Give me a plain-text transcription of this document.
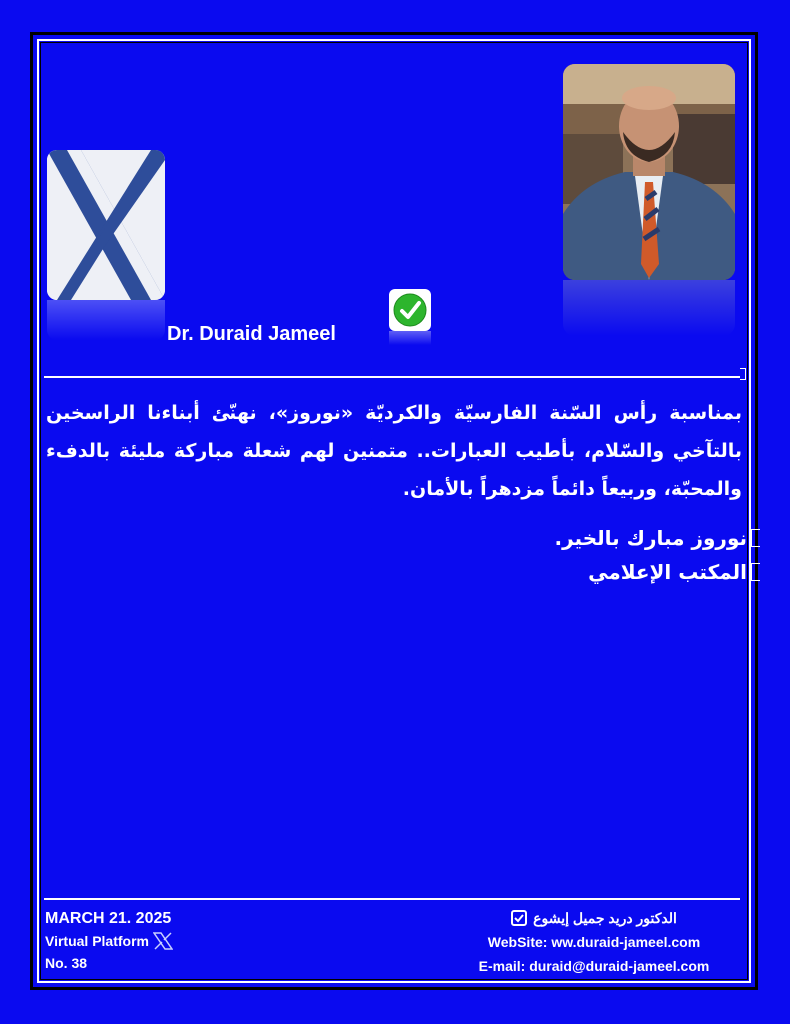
Dr. Duraid Jameel
بمناسبة رأس السّنة الفارسيّة والكرديّة «نوروز»، نهنّئ أبناءنا الراسخين بالتآخي والسّلام، بأطيب العبارات.. متمنين لهم شعلة مباركة مليئة بالدفء والمحبّة، وربيعاً دائماً مزدهراً بالأمان.
نوروز مبارك بالخير.
المكتب الإعلامي
MARCH 21. 2025
Virtual Platform
No. 38
الدكتور دريد جميل إيشوع
WebSite: ww.duraid-jameel.com
E-mail: duraid@duraid-jameel.com
